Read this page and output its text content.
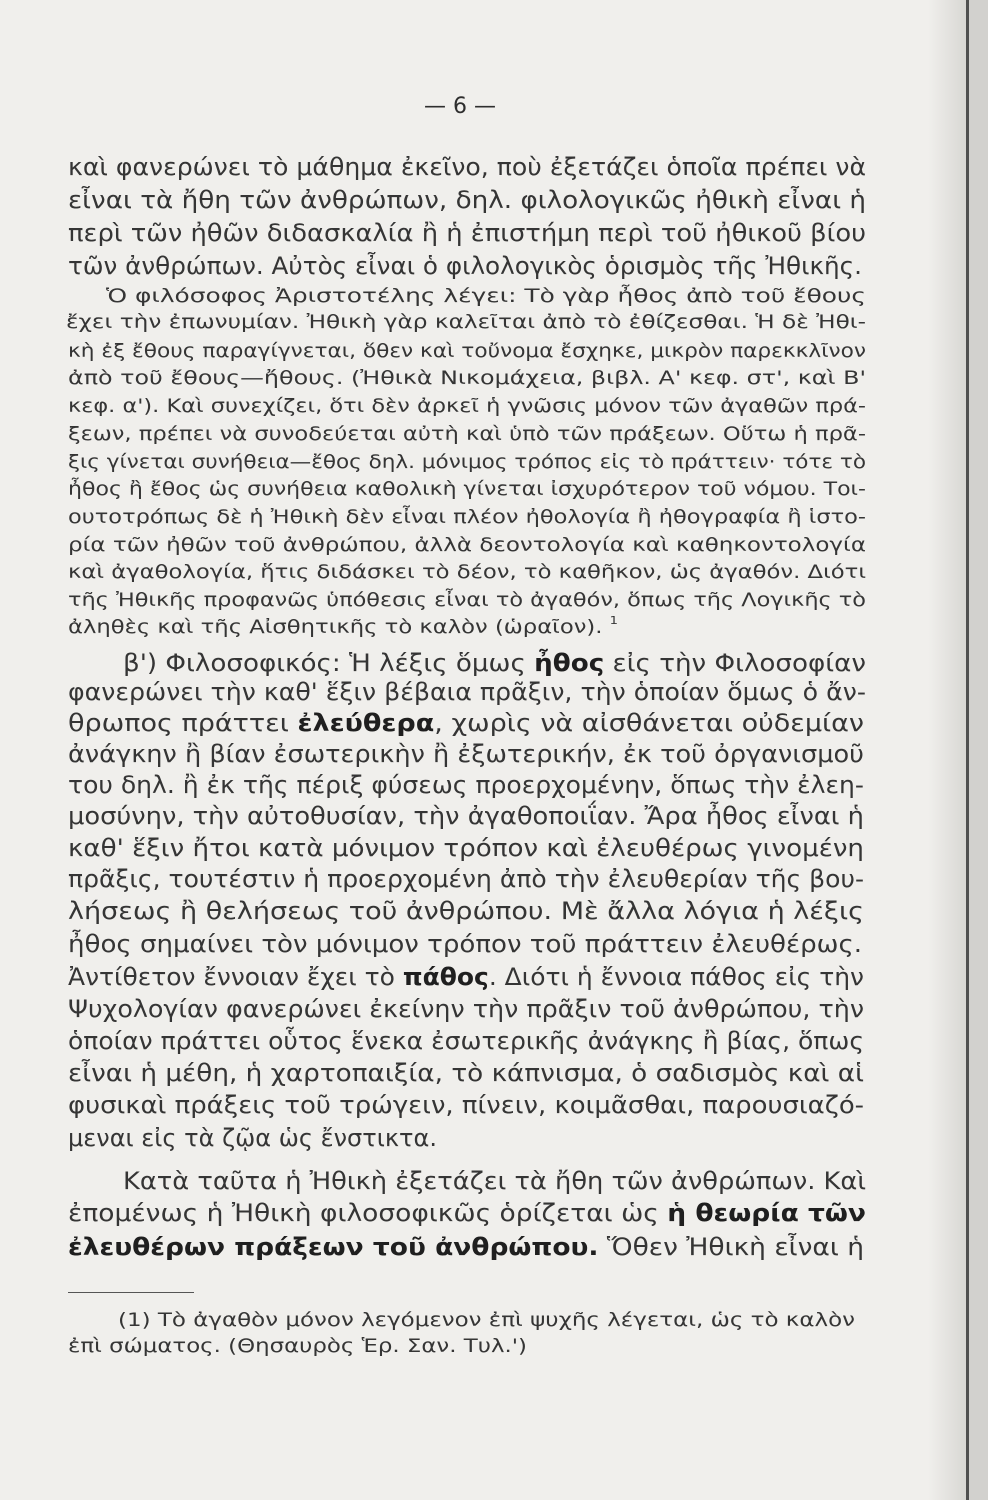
— 6 —
καὶ φανερώνει τὸ μάθημα ἐκεῖνο, ποὺ ἐξετάζει ὁποῖα πρέπει νὰ
εἶναι τὰ ἤθη τῶν ἀνθρώπων, δηλ. φιλολογικῶς ἠθικὴ εἶναι ἡ
περὶ τῶν ἠθῶν διδασκαλία ἢ ἡ ἐπιστήμη περὶ τοῦ ἠθικοῦ βίου
τῶν ἀνθρώπων. Αὐτὸς εἶναι ὁ φιλολογικὸς ὁρισμὸς τῆς Ἠθικῆς.
Ὁ φιλόσοφος Ἀριστοτέλης λέγει: Τὸ γὰρ ἦθος ἀπὸ τοῦ ἔθους
ἔχει τὴν ἐπωνυμίαν. Ἠθικὴ γὰρ καλεῖται ἀπὸ τὸ ἐθίζεσθαι. Ἡ δὲ Ἠθι-
κὴ ἐξ ἔθους παραγίγνεται, ὅθεν καὶ τοὔνομα ἔσχηκε, μικρὸν παρεκκλῖνον
ἀπὸ τοῦ ἔθους—ἤθους. (Ἠθικὰ Νικομάχεια, βιβλ. Α' κεφ. στ', καὶ Β'
κεφ. α'). Καὶ συνεχίζει, ὅτι δὲν ἀρκεῖ ἡ γνῶσις μόνον τῶν ἀγαθῶν πρά-
ξεων, πρέπει νὰ συνοδεύεται αὐτὴ καὶ ὑπὸ τῶν πράξεων. Οὕτω ἡ πρᾶ-
ξις γίνεται συνήθεια—ἔθος δηλ. μόνιμος τρόπος εἰς τὸ πράττειν· τότε τὸ
ἦθος ἢ ἔθος ὡς συνήθεια καθολικὴ γίνεται ἰσχυρότερον τοῦ νόμου. Τοι-
ουτοτρόπως δὲ ἡ Ἠθικὴ δὲν εἶναι πλέον ἠθολογία ἢ ἠθογραφία ἢ ἱστο-
ρία τῶν ἠθῶν τοῦ ἀνθρώπου, ἀλλὰ δεοντολογία καὶ καθηκοντολογία
καὶ ἀγαθολογία, ἥτις διδάσκει τὸ δέον, τὸ καθῆκον, ὡς ἀγαθόν. Διότι
τῆς Ἠθικῆς προφανῶς ὑπόθεσις εἶναι τὸ ἀγαθόν, ὅπως τῆς Λογικῆς τὸ
ἀληθὲς καὶ τῆς Αἰσθητικῆς τὸ καλὸν (ὡραῖον). $^1$
β') Φιλοσοφικός: Ἡ λέξις ὅμως ἦθος εἰς τὴν Φιλοσοφίαν
φανερώνει τὴν καθ' ἕξιν βέβαια πρᾶξιν, τὴν ὁποίαν ὅμως ὁ ἄν-
θρωπος πράττει ἐλεύθερα, χωρὶς νὰ αἰσθάνεται οὐδεμίαν
ἀνάγκην ἢ βίαν ἐσωτερικὴν ἢ ἐξωτερικήν, ἐκ τοῦ ὀργανισμοῦ
του δηλ. ἢ ἐκ τῆς πέριξ φύσεως προερχομένην, ὅπως τὴν ἐλεη-
μοσύνην, τὴν αὐτοθυσίαν, τὴν ἀγαθοποιΐαν. Ἄρα ἦθος εἶναι ἡ
καθ' ἕξιν ἤτοι κατὰ μόνιμον τρόπον καὶ ἐλευθέρως γινομένη
πρᾶξις, τουτέστιν ἡ προερχομένη ἀπὸ τὴν ἐλευθερίαν τῆς βου-
λήσεως ἢ θελήσεως τοῦ ἀνθρώπου. Μὲ ἄλλα λόγια ἡ λέξις
ἦθος σημαίνει τὸν μόνιμον τρόπον τοῦ πράττειν ἐλευθέρως.
Ἀντίθετον ἔννοιαν ἔχει τὸ πάθος. Διότι ἡ ἔννοια πάθος εἰς τὴν
Ψυχολογίαν φανερώνει ἐκείνην τὴν πρᾶξιν τοῦ ἀνθρώπου, τὴν
ὁποίαν πράττει οὗτος ἕνεκα ἐσωτερικῆς ἀνάγκης ἢ βίας, ὅπως
εἶναι ἡ μέθη, ἡ χαρτοπαιξία, τὸ κάπνισμα, ὁ σαδισμὸς καὶ αἱ
φυσικαὶ πράξεις τοῦ τρώγειν, πίνειν, κοιμᾶσθαι, παρουσιαζό-
μεναι εἰς τὰ ζῷα ὡς ἔνστικτα.
Κατὰ ταῦτα ἡ Ἠθικὴ ἐξετάζει τὰ ἤθη τῶν ἀνθρώπων. Καὶ
ἐπομένως ἡ Ἠθικὴ φιλοσοφικῶς ὁρίζεται ὡς ἡ θεωρία τῶν
ἐλευθέρων πράξεων τοῦ ἀνθρώπου. Ὅθεν Ἠθικὴ εἶναι ἡ
(1) Τὸ ἀγαθὸν μόνον λεγόμενον ἐπὶ ψυχῆς λέγεται, ὡς τὸ καλὸν
ἐπὶ σώματος. (Θησαυρὸς Ἑρ. Σαν. Τυλ.')
